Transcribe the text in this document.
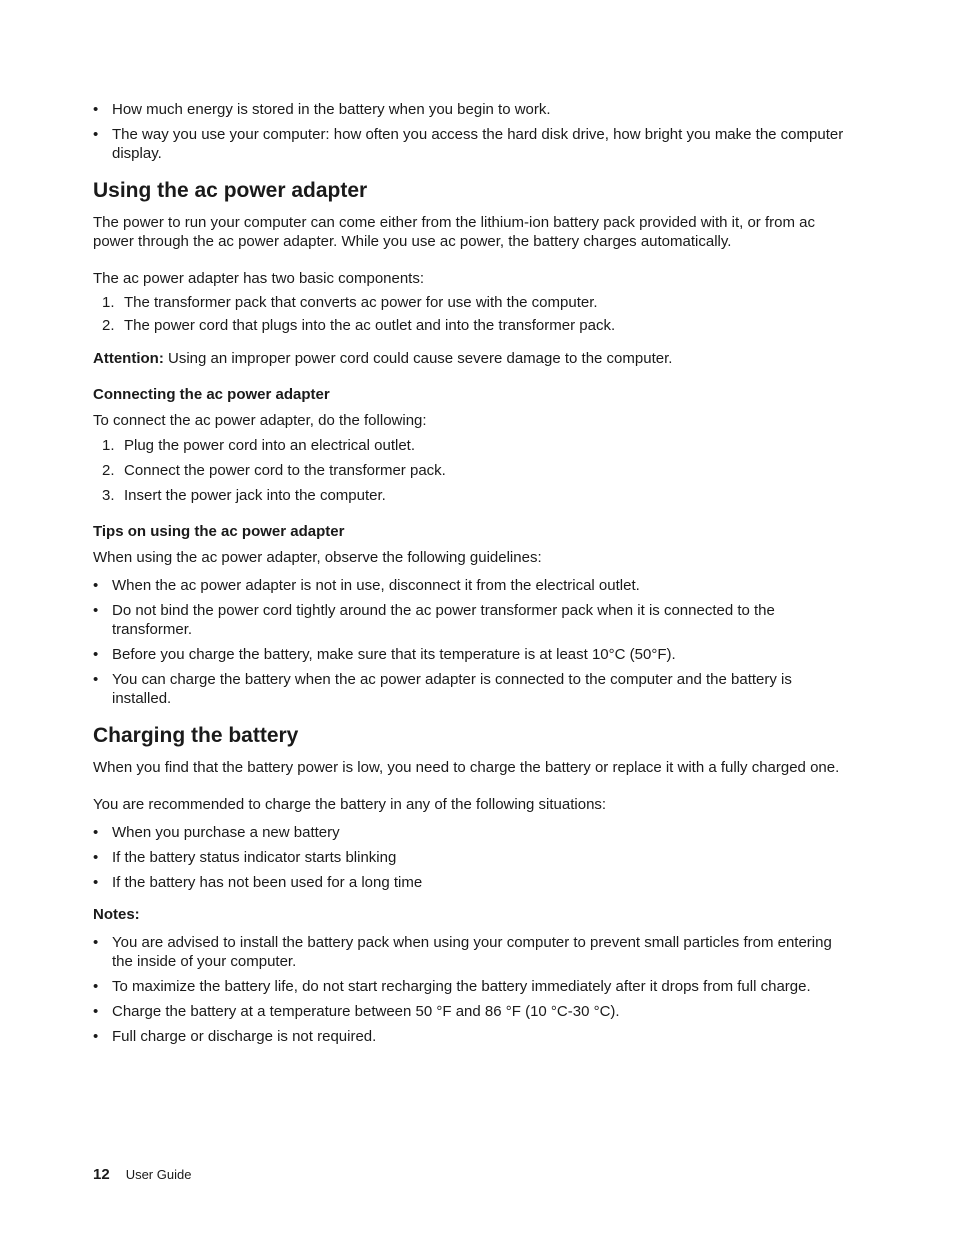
• How much energy is stored in the battery when you begin to work.
• The way you use your computer: how often you access the hard disk drive, how bright you make the computer display.
Using the ac power adapter

The power to run your computer can come either from the lithium-ion battery pack provided with it, or from ac power through the ac power adapter. While you use ac power, the battery charges automatically.

The ac power adapter has two basic components:

1. The transformer pack that converts ac power for use with the computer.
2. The power cord that plugs into the ac outlet and into the transformer pack.

Attention: Using an improper power cord could cause severe damage to the computer.

Connecting the ac power adapter

To connect the ac power adapter, do the following:

1. Plug the power cord into an electrical outlet.
2. Connect the power cord to the transformer pack.
3. Insert the power jack into the computer.
Tips on using the ac power adapter

When using the ac power adapter, observe the following guidelines:

• When the ac power adapter is not in use, disconnect it from the electrical outlet.
• Do not bind the power cord tightly around the ac power transformer pack when it is connected to the transformer.
• Before you charge the battery, make sure that its temperature is at least 10°C (50°F).
• You can charge the battery when the ac power adapter is connected to the computer and the battery is installed.
Charging the battery

When you find that the battery power is low, you need to charge the battery or replace it with a fully charged one.

You are recommended to charge the battery in any of the following situations:

• When you purchase a new battery
• If the battery status indicator starts blinking
• If the battery has not been used for a long time
Notes:
• You are advised to install the battery pack when using your computer to prevent small particles from entering the inside of your computer.
• To maximize the battery life, do not start recharging the battery immediately after it drops from full charge.
• Charge the battery at a temperature between 50 °F and 86 °F (10 °C-30 °C).
• Full charge or discharge is not required.
12 User Guide
